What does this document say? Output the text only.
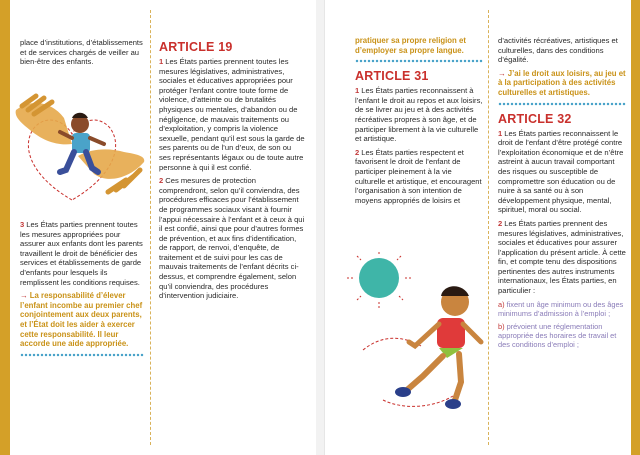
place d’institutions, d’établissements et de services chargés de veiller au bien-être des enfants.

3 Les États parties prennent toutes les mesures appropriées pour assurer aux enfants dont les parents travaillent le droit de bénéficier des services et établissements de garde d’enfants pour lesquels ils remplissent les conditions requises.

→ La responsabilité d’élever l’enfant incombe au premier chef conjointement aux deux parents, et l’État doit les aider à exercer cette responsabilité. Il leur accorde une aide appropriée.

ARTICLE 19

1 Les États parties prennent toutes les mesures législatives, administratives, sociales et éducatives appropriées pour protéger l’enfant contre toute forme de violence, d’atteinte ou de brutalités physiques ou mentales, d’abandon ou de négligence, de mauvais traitements ou d’exploitation, y compris la violence sexuelle, pendant qu’il est sous la garde de ses parents ou de l’un d’eux, de son ou ses représentants légaux ou de toute autre personne à qui il est confié.

2 Ces mesures de protection comprendront, selon qu’il conviendra, des procédures efficaces pour l’établissement de programmes sociaux visant à fournir l’appui nécessaire à l’enfant et à ceux à qui il est confié, ainsi que pour d’autres formes de prévention, et aux fins d’identification, de rapport, de renvoi, d’enquête, de traitement et de suivi pour les cas de mauvais traitements de l’enfant décrits ci-dessus, et comprendre également, selon qu’il conviendra, des procédures d’intervention judiciaire.

pratiquer sa propre religion et d’employer sa propre langue.

ARTICLE 31

1 Les États parties reconnaissent à l’enfant le droit au repos et aux loisirs, de se livrer au jeu et à des activités récréatives propres à son âge, et de participer librement à la vie culturelle et artistique.

2 Les États parties respectent et favorisent le droit de l’enfant de participer pleinement à la vie culturelle et artistique, et encouragent l’organisation à son intention de moyens appropriés de loisirs et

d’activités récréatives, artistiques et culturelles, dans des conditions d’égalité.

→ J’ai le droit aux loisirs, au jeu et à la participation à des activités culturelles et artistiques.

ARTICLE 32

1 Les États parties reconnaissent le droit de l’enfant d’être protégé contre l’exploitation économique et de n’être astreint à aucun travail comportant des risques ou susceptible de compromettre son éducation ou de nuire à sa santé ou à son développement physique, mental, spirituel, moral ou social.

2 Les États parties prennent des mesures législatives, administratives, sociales et éducatives pour assurer l’application du présent article. À cette fin, et compte tenu des dispositions pertinentes des autres instruments internationaux, les États parties, en particulier :

a) fixent un âge minimum ou des âges minimums d’admission à l’emploi ;

b) prévoient une réglementation appropriée des horaires de travail et des conditions d’emploi ;
